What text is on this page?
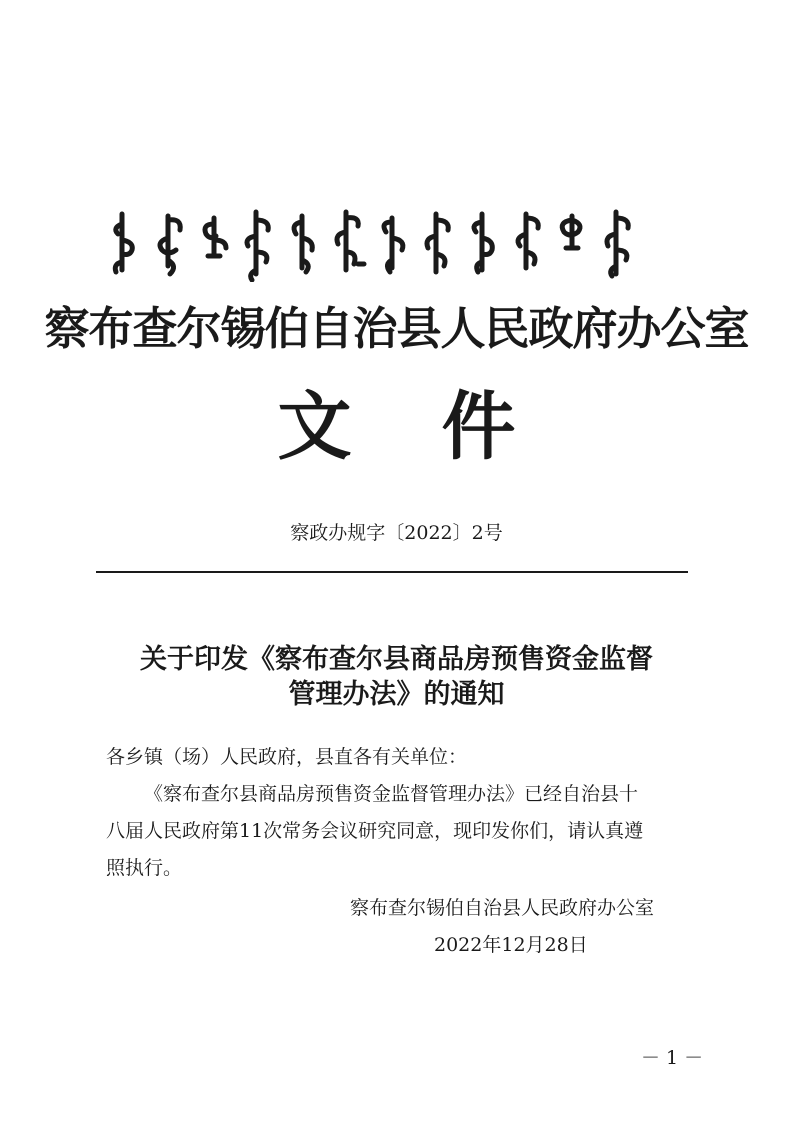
察布查尔锡伯自治县人民政府办公室
文件
察政办规字〔2022〕2号
关于印发《察布查尔县商品房预售资金监督
管理办法》的通知
各乡镇（场）人民政府，县直各有关单位：
《察布查尔县商品房预售资金监督管理办法》已经自治县十
八届人民政府第11次常务会议研究同意，现印发你们，请认真遵
照执行。
察布查尔锡伯自治县人民政府办公室
2022年12月28日
－ 1 －
